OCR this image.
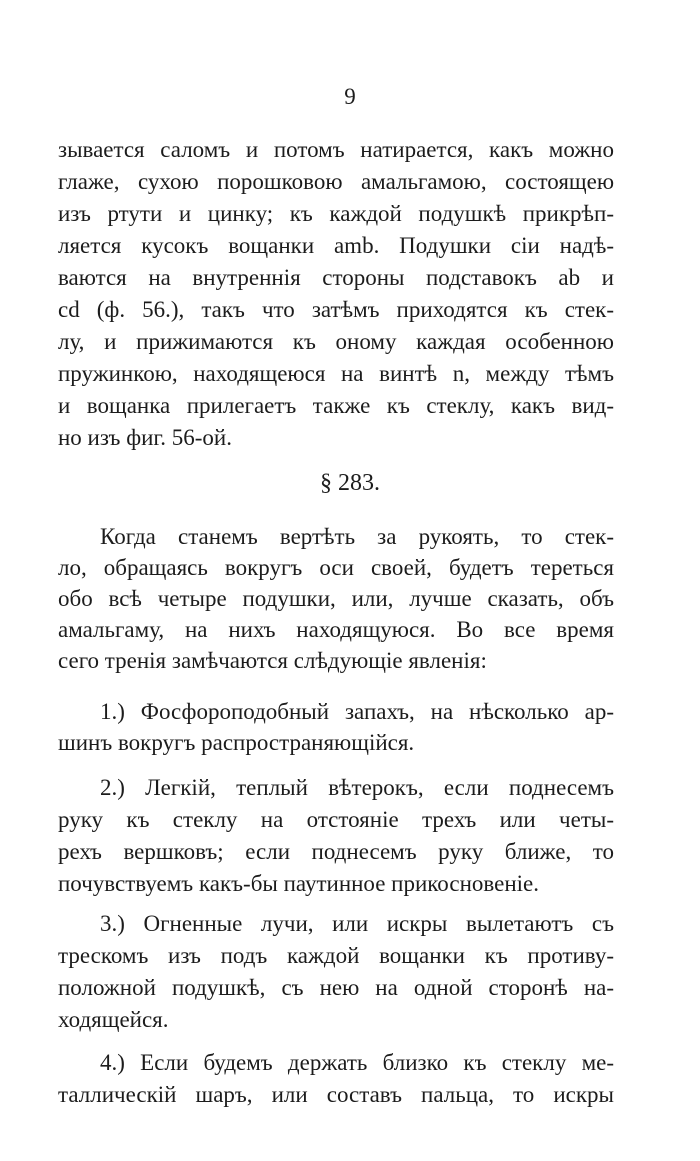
9
зывается саломъ и потомъ натирается, какъ можно
глаже, сухою порошковою амальгамою, состоящею
изъ ртути и цинку; къ каждой подушкѣ прикрѣп-
ляется кусокъ вощанки amb. Подушки сіи надѣ-
ваются на внутреннія стороны подставокъ ab и
cd (ф. 56.), такъ что затѣмъ приходятся къ стек-
лу, и прижимаются къ оному каждая особенною
пружинкою, находящеюся на винтѣ n, между тѣмъ
и вощанка прилегаетъ также къ стеклу, какъ вид-
но изъ фиг. 56-ой.
§ 283.
Когда станемъ вертѣть за рукоять, то стек-
ло, обращаясь вокругъ оси своей, будетъ тереться
обо всѣ четыре подушки, или, лучше сказать, объ
амальгаму, на нихъ находящуюся. Во все время
сего тренія замѣчаются слѣдующіе явленія:
1.) Фосфороподобный запахъ, на нѣсколько ар-
шинъ вокругъ распространяющійся.
2.) Легкій, теплый вѣтерокъ, если поднесемъ
руку къ стеклу на отстояніе трехъ или четы-
рехъ вершковъ; если поднесемъ руку ближе, то
почувствуемъ какъ-бы паутинное прикосновеніе.
3.) Огненные лучи, или искры вылетаютъ съ
трескомъ изъ подъ каждой вощанки къ противу-
положной подушкѣ, съ нею на одной сторонѣ на-
ходящейся.
4.) Если будемъ держать близко къ стеклу ме-
таллическій шаръ, или составъ пальца, то искры
